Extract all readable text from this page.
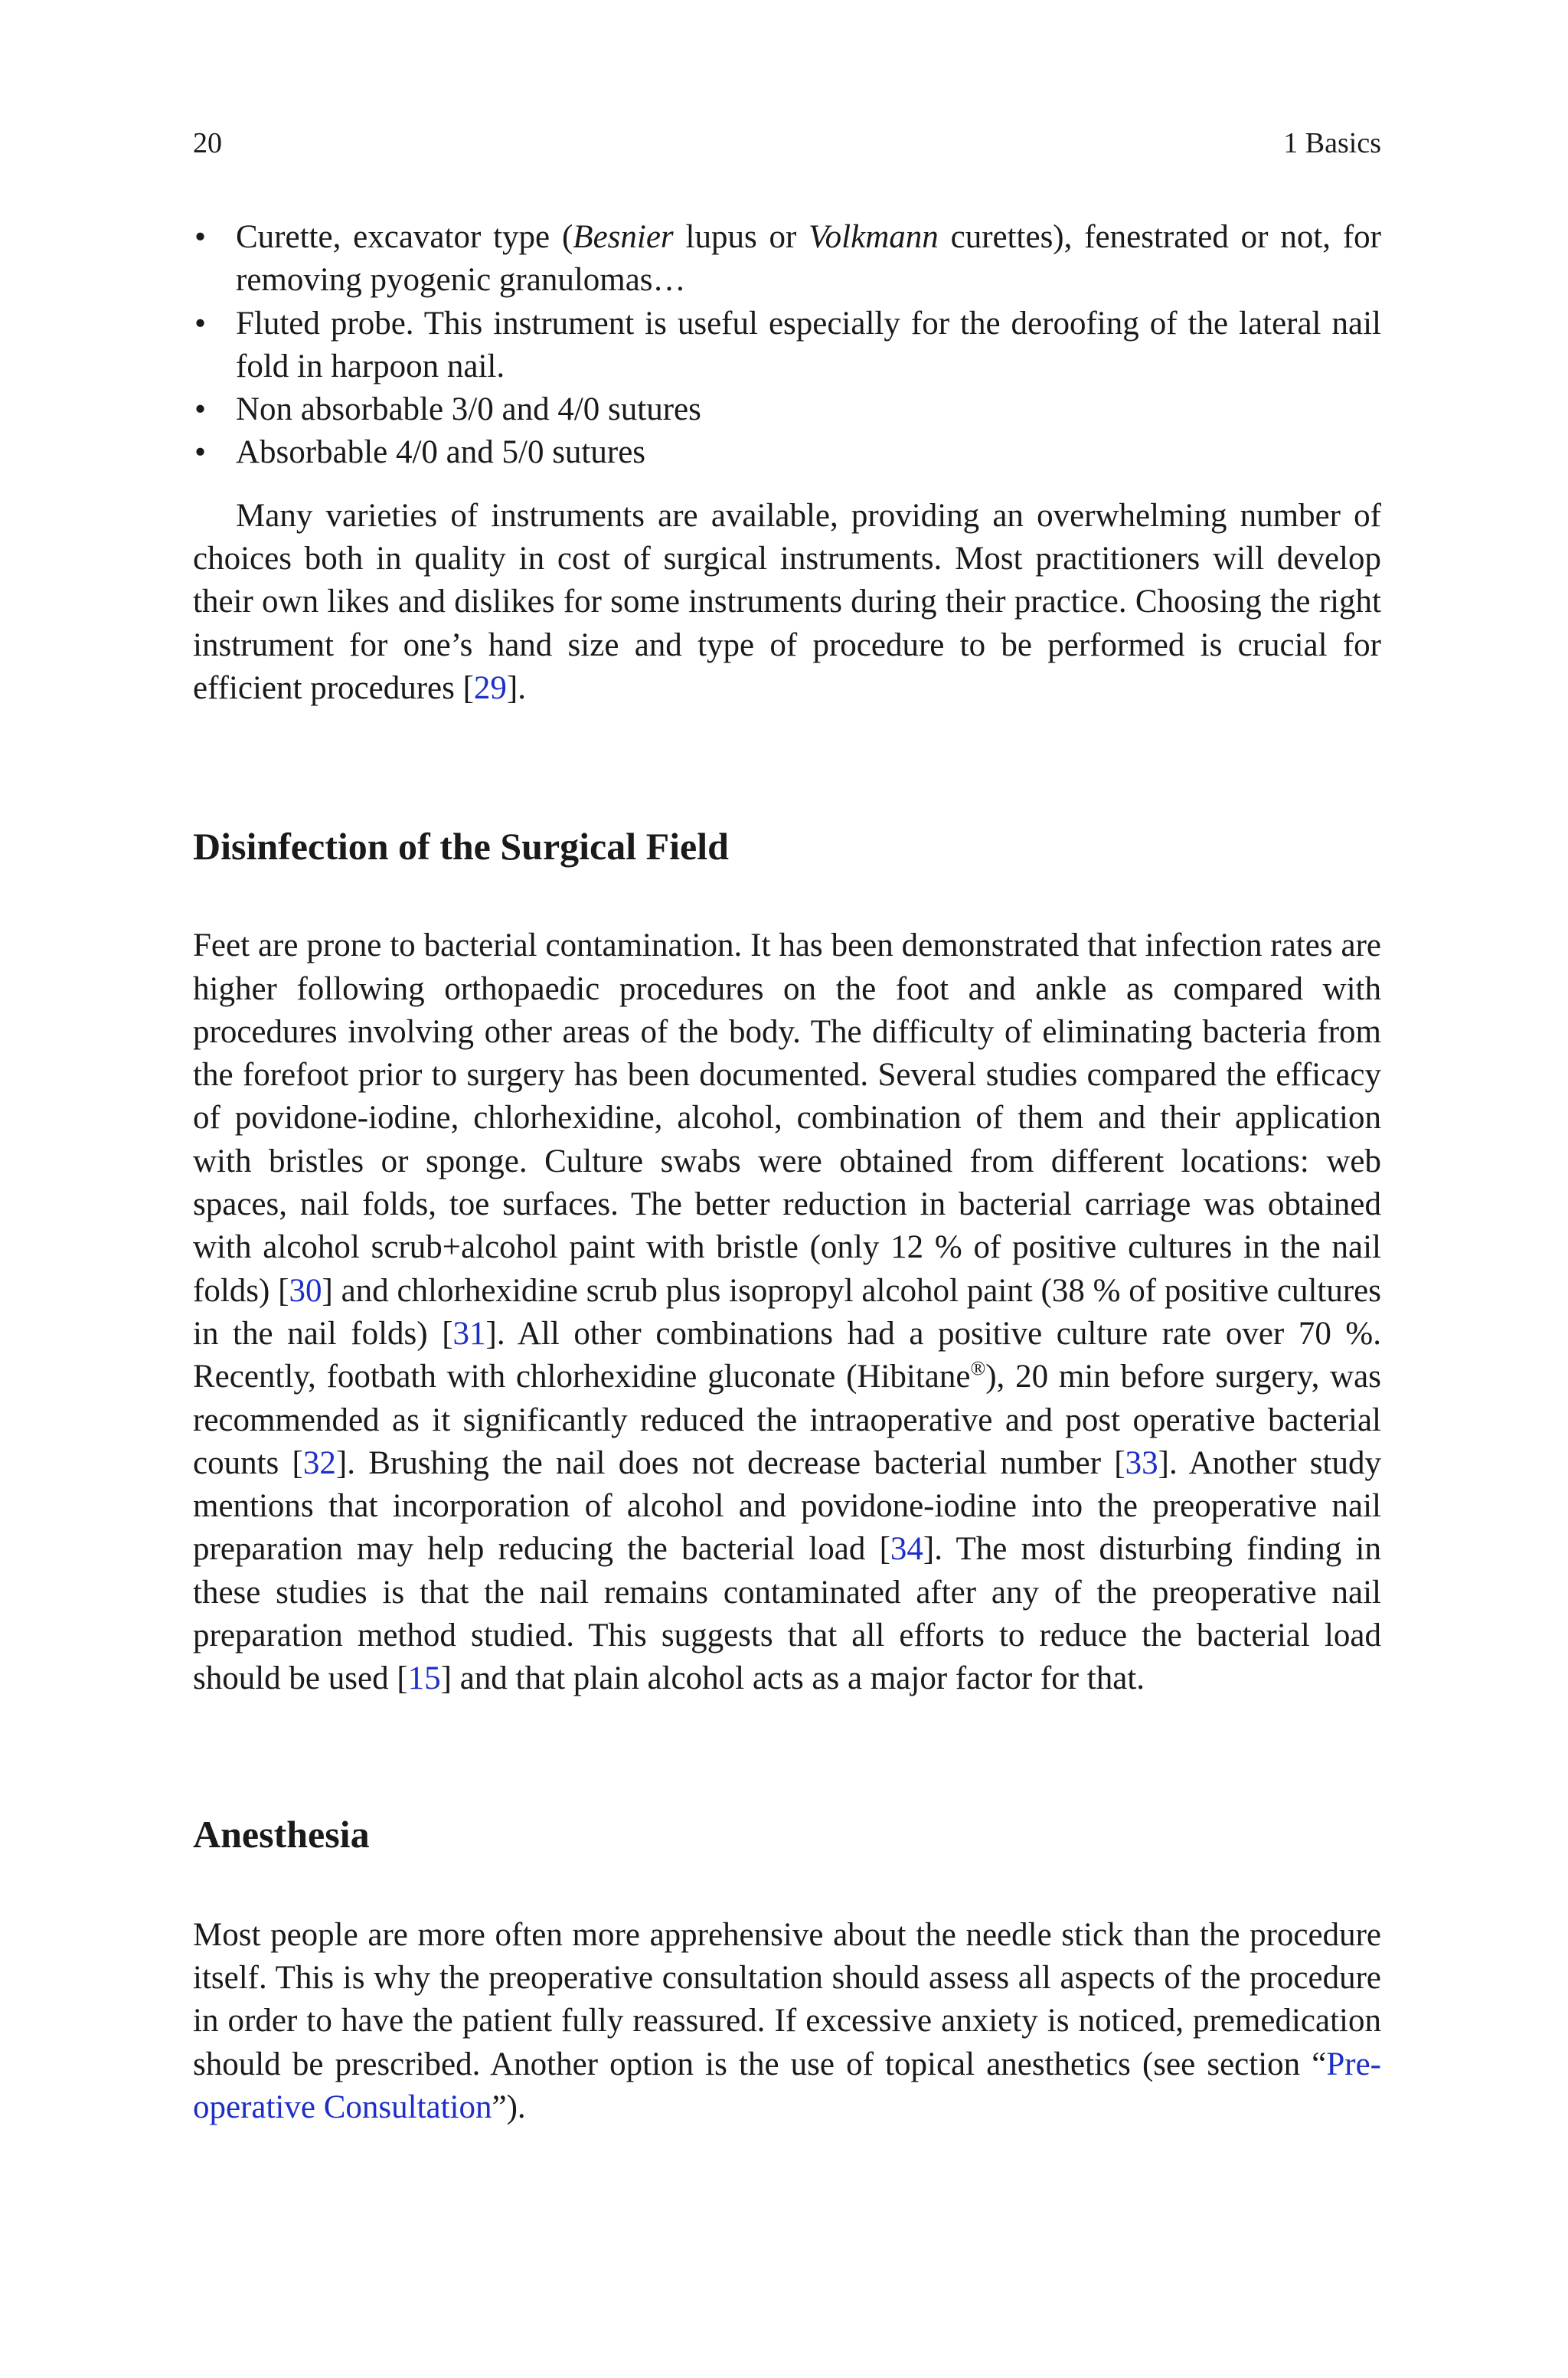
20	1 Basics
• Curette, excavator type (Besnier lupus or Volkmann curettes), fenestrated or not, for removing pyogenic granulomas…
• Fluted probe. This instrument is useful especially for the deroofing of the lateral nail fold in harpoon nail.
• Non absorbable 3/0 and 4/0 sutures
• Absorbable 4/0 and 5/0 sutures

Many varieties of instruments are available, providing an overwhelming number of choices both in quality in cost of surgical instruments. Most practitioners will develop their own likes and dislikes for some instruments during their practice. Choosing the right instrument for one’s hand size and type of procedure to be performed is crucial for efficient procedures [29].

Disinfection of the Surgical Field

Feet are prone to bacterial contamination. It has been demonstrated that infection rates are higher following orthopaedic procedures on the foot and ankle as compared with procedures involving other areas of the body. The difficulty of eliminating bacteria from the forefoot prior to surgery has been documented. Several studies compared the efficacy of povidone-iodine, chlorhexidine, alcohol, combination of them and their application with bristles or sponge. Culture swabs were obtained from different locations: web spaces, nail folds, toe surfaces. The better reduction in bacterial carriage was obtained with alcohol scrub+alcohol paint with bristle (only 12 % of positive cultures in the nail folds) [30] and chlorhexidine scrub plus isopropyl alcohol paint (38 % of positive cultures in the nail folds) [31]. All other combinations had a positive culture rate over 70 %. Recently, footbath with chlorhexidine gluconate (Hibitane®), 20 min before surgery, was recommended as it significantly reduced the intraoperative and post operative bacterial counts [32]. Brushing the nail does not decrease bacterial number [33]. Another study mentions that incorporation of alcohol and povidone-iodine into the preoperative nail preparation may help reducing the bacterial load [34]. The most disturbing finding in these studies is that the nail remains contaminated after any of the preoperative nail preparation method studied. This suggests that all efforts to reduce the bacterial load should be used [15] and that plain alcohol acts as a major factor for that.

Anesthesia

Most people are more often more apprehensive about the needle stick than the procedure itself. This is why the preoperative consultation should assess all aspects of the procedure in order to have the patient fully reassured. If excessive anxiety is noticed, premedication should be prescribed. Another option is the use of topical anesthetics (see section “Pre-operative Consultation”).
